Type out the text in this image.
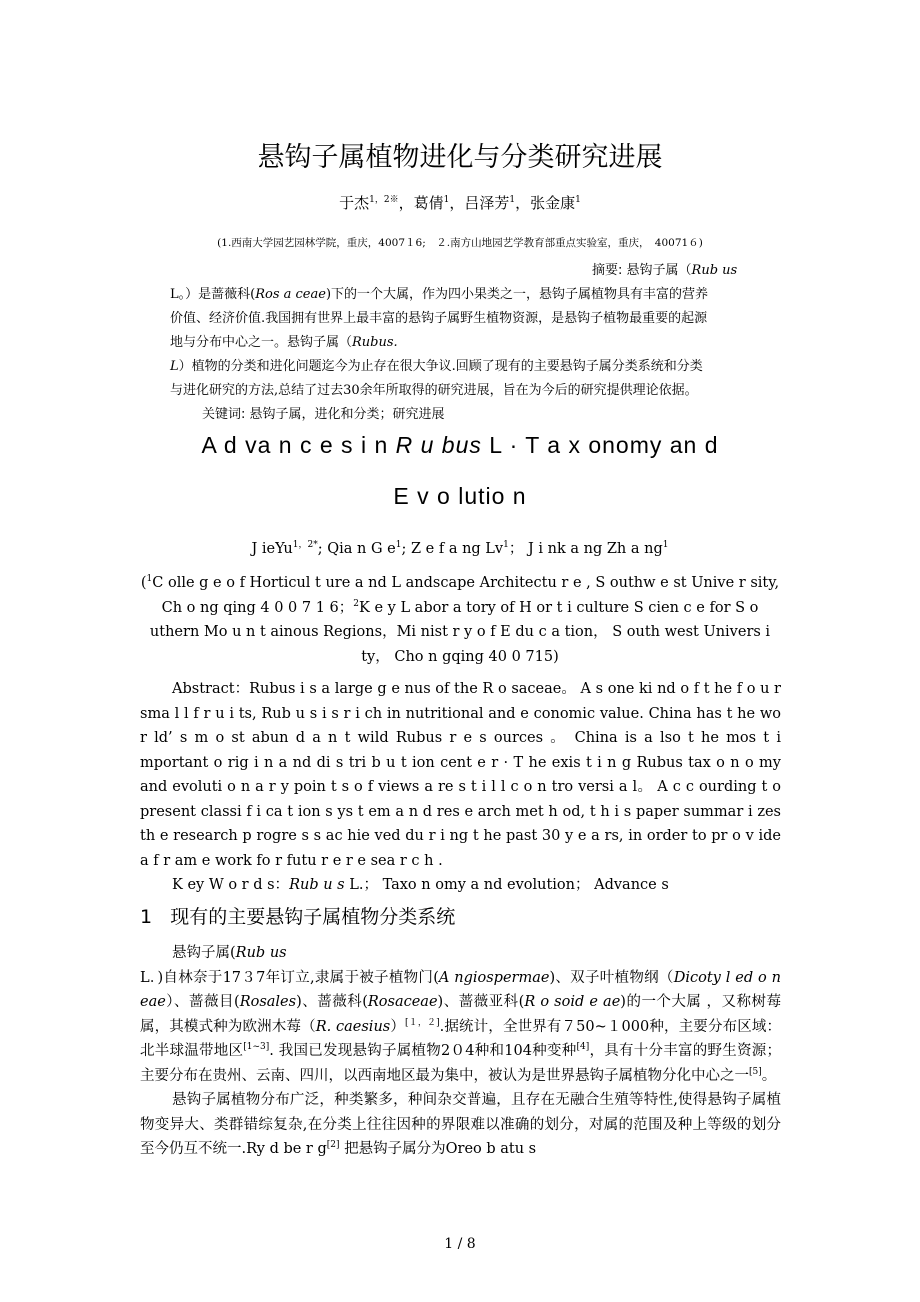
悬钩子属植物进化与分类研究进展
于杰$^{1,2※}$，葛倩$^1$，吕泽芳$^1$，张金康$^1$
(1.西南大学园艺园林学院，重庆，4007１6;　２.南方山地园艺学教育部重点实验室，重庆，　40071６)
摘要: 悬钩子属（Rub us
L。）是蔷薇科(Ros a ceae)下的一个大属，作为四小果类之一，悬钩子属植物具有丰富的营养
价值、经济价值.我国拥有世界上最丰富的悬钩子属野生植物资源，是悬钩子植物最重要的起源
地与分布中心之一。悬钩子属（Rubus.
L）植物的分类和进化问题迄今为止存在很大争议.回顾了现有的主要悬钩子属分类系统和分类
与进化研究的方法,总结了过去30余年所取得的研究进展，旨在为今后的研究提供理论依据。
关键词: 悬钩子属，进化和分类；研究进展
A d va n c e s i n R u bus L · T a x onomy an d
E v o lutio n
J ieYu$^{1,2*}$; Qia n G $e^1$; Z e f a ng Lv$^1$； J i nk a ng Zh a $ng^1$
($^1$C olle g e o f Horticul t ure a nd L andscape Architectu r e , S outhw e st Unive r sity, Ch o ng qing 4 0 0 7 1 6；$^2$K e y L abor a tory of H or t i culture S cien c e for S o uthern Mo u n t ainous Regions，Mi nist r y o f E du c a tion， S outh west Univers i ty， Cho n gqing 40 0 715)

Abstract：Rubus i s a large g e nus of the R o saceae。 A s one ki nd o f t he f o u r sma l l f r u i ts, Rub u s i s r i ch in nutritional and e conomic value. China has t he wo r ld’ s m o st abun d a n t wild Rubus r e s ources 。 China is a lso t he mos t i mportant o rig i n a nd di s tri b u t ion cent e r · T he exis t i n g Rubus tax o n o my and evoluti o n a r y poin t s o f views a re s t i l l c o n tro versi a l。 A c c ourding t o present classi f i ca t ion s ys t em a n d res e arch met h od, t h i s paper summar i zes th e research p rogre s s ac hie ved du r i ng t he past 30 y e a rs, in order to pr o v ide a f r am e work fo r futu r e r e sea r c h .

K ey W o r d s：Rub u s L.； Taxo n omy a nd evolution； Advance s

1 现有的主要悬钩子属植物分类系统

悬钩子属(Rub us
L．)自林奈于17３7年订立,隶属于被子植物门(A ngiospermae)、双子叶植物纲（Dicoty l ed o n eae）、蔷薇目(Rosales)、蔷薇科(Rosaceae)、蔷薇亚科(R o soid e ae)的一个大属 ，又称树莓属，其模式种为欧洲木莓（R. caesius）[１，２].据统计，全世界有７50~１000种，主要分布区域：北半球温带地区[1~3]. 我国已发现悬钩子属植物2０4种和104种变种[4]，具有十分丰富的野生资源；主要分布在贵州、云南、四川，以西南地区最为集中，被认为是世界悬钩子属植物分化中心之一[5]。

悬钩子属植物分布广泛，种类繁多，种间杂交普遍，且存在无融合生殖等特性,使得悬钩子属植物变异大、类群错综复杂,在分类上往往因种的界限难以准确的划分，对属的范围及种上等级的划分至今仍互不统一.Ry d be r g[2] 把悬钩子属分为Oreo b atu s

1 / 8
